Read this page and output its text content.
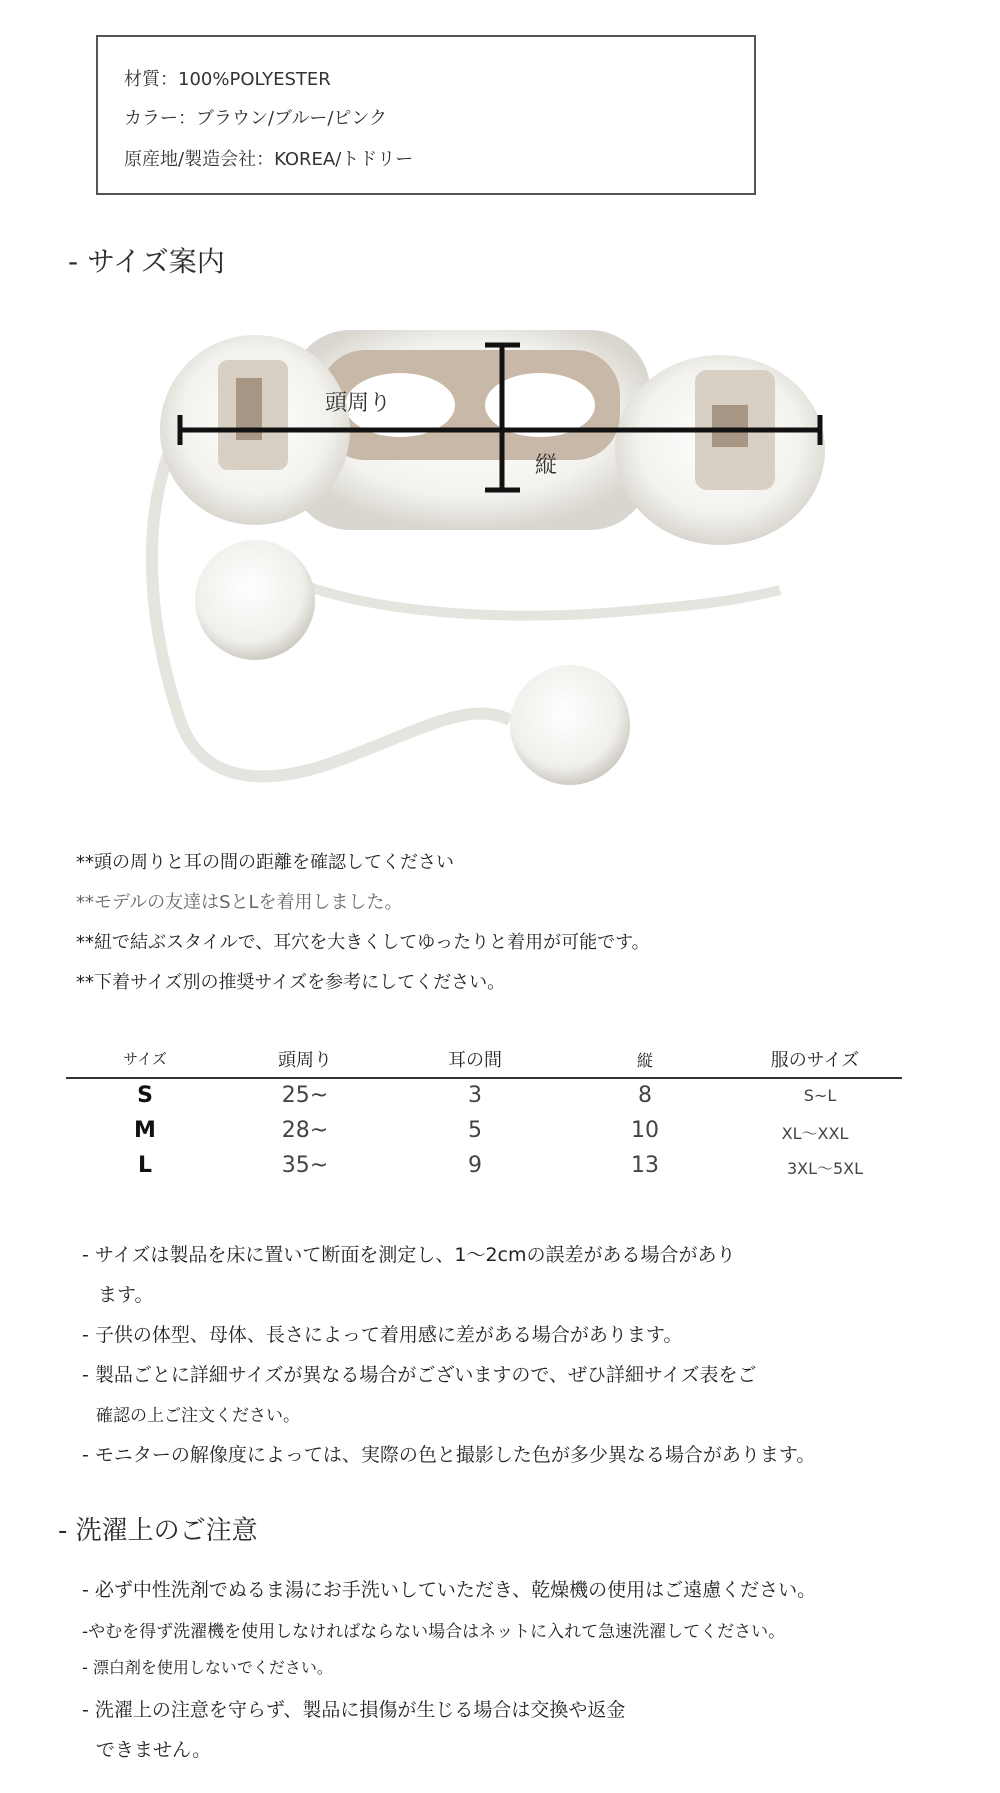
材質：100%POLYESTER
カラー：ブラウン/ブルー/ピンク
原産地/製造会社：KOREA/トドリー
- サイズ案内
頭周り
縦
**頭の周りと耳の間の距離を確認してください
**モデルの友達はSとLを着用しました。
**紐で結ぶスタイルで、耳穴を大きくしてゆったりと着用が可能です。
**下着サイズ別の推奨サイズを参考にしてください。
サイズ	頭周り	耳の間	縦	服のサイズ
S	25~	3	8	S~L
M	28~	5	10	XL〜XXL
L	35~	9	13	3XL〜5XL
- サイズは製品を床に置いて断面を測定し、1〜2cmの誤差がある場合があり
ます。
- 子供の体型、母体、長さによって着用感に差がある場合があります。
- 製品ごとに詳細サイズが異なる場合がございますので、ぜひ詳細サイズ表をご
確認の上ご注文ください。
- モニターの解像度によっては、実際の色と撮影した色が多少異なる場合があります。
- 洗濯上のご注意
- 必ず中性洗剤でぬるま湯にお手洗いしていただき、乾燥機の使用はご遠慮ください。
-やむを得ず洗濯機を使用しなければならない場合はネットに入れて急速洗濯してください。
- 漂白剤を使用しないでください。
- 洗濯上の注意を守らず、製品に損傷が生じる場合は交換や返金
できません。
